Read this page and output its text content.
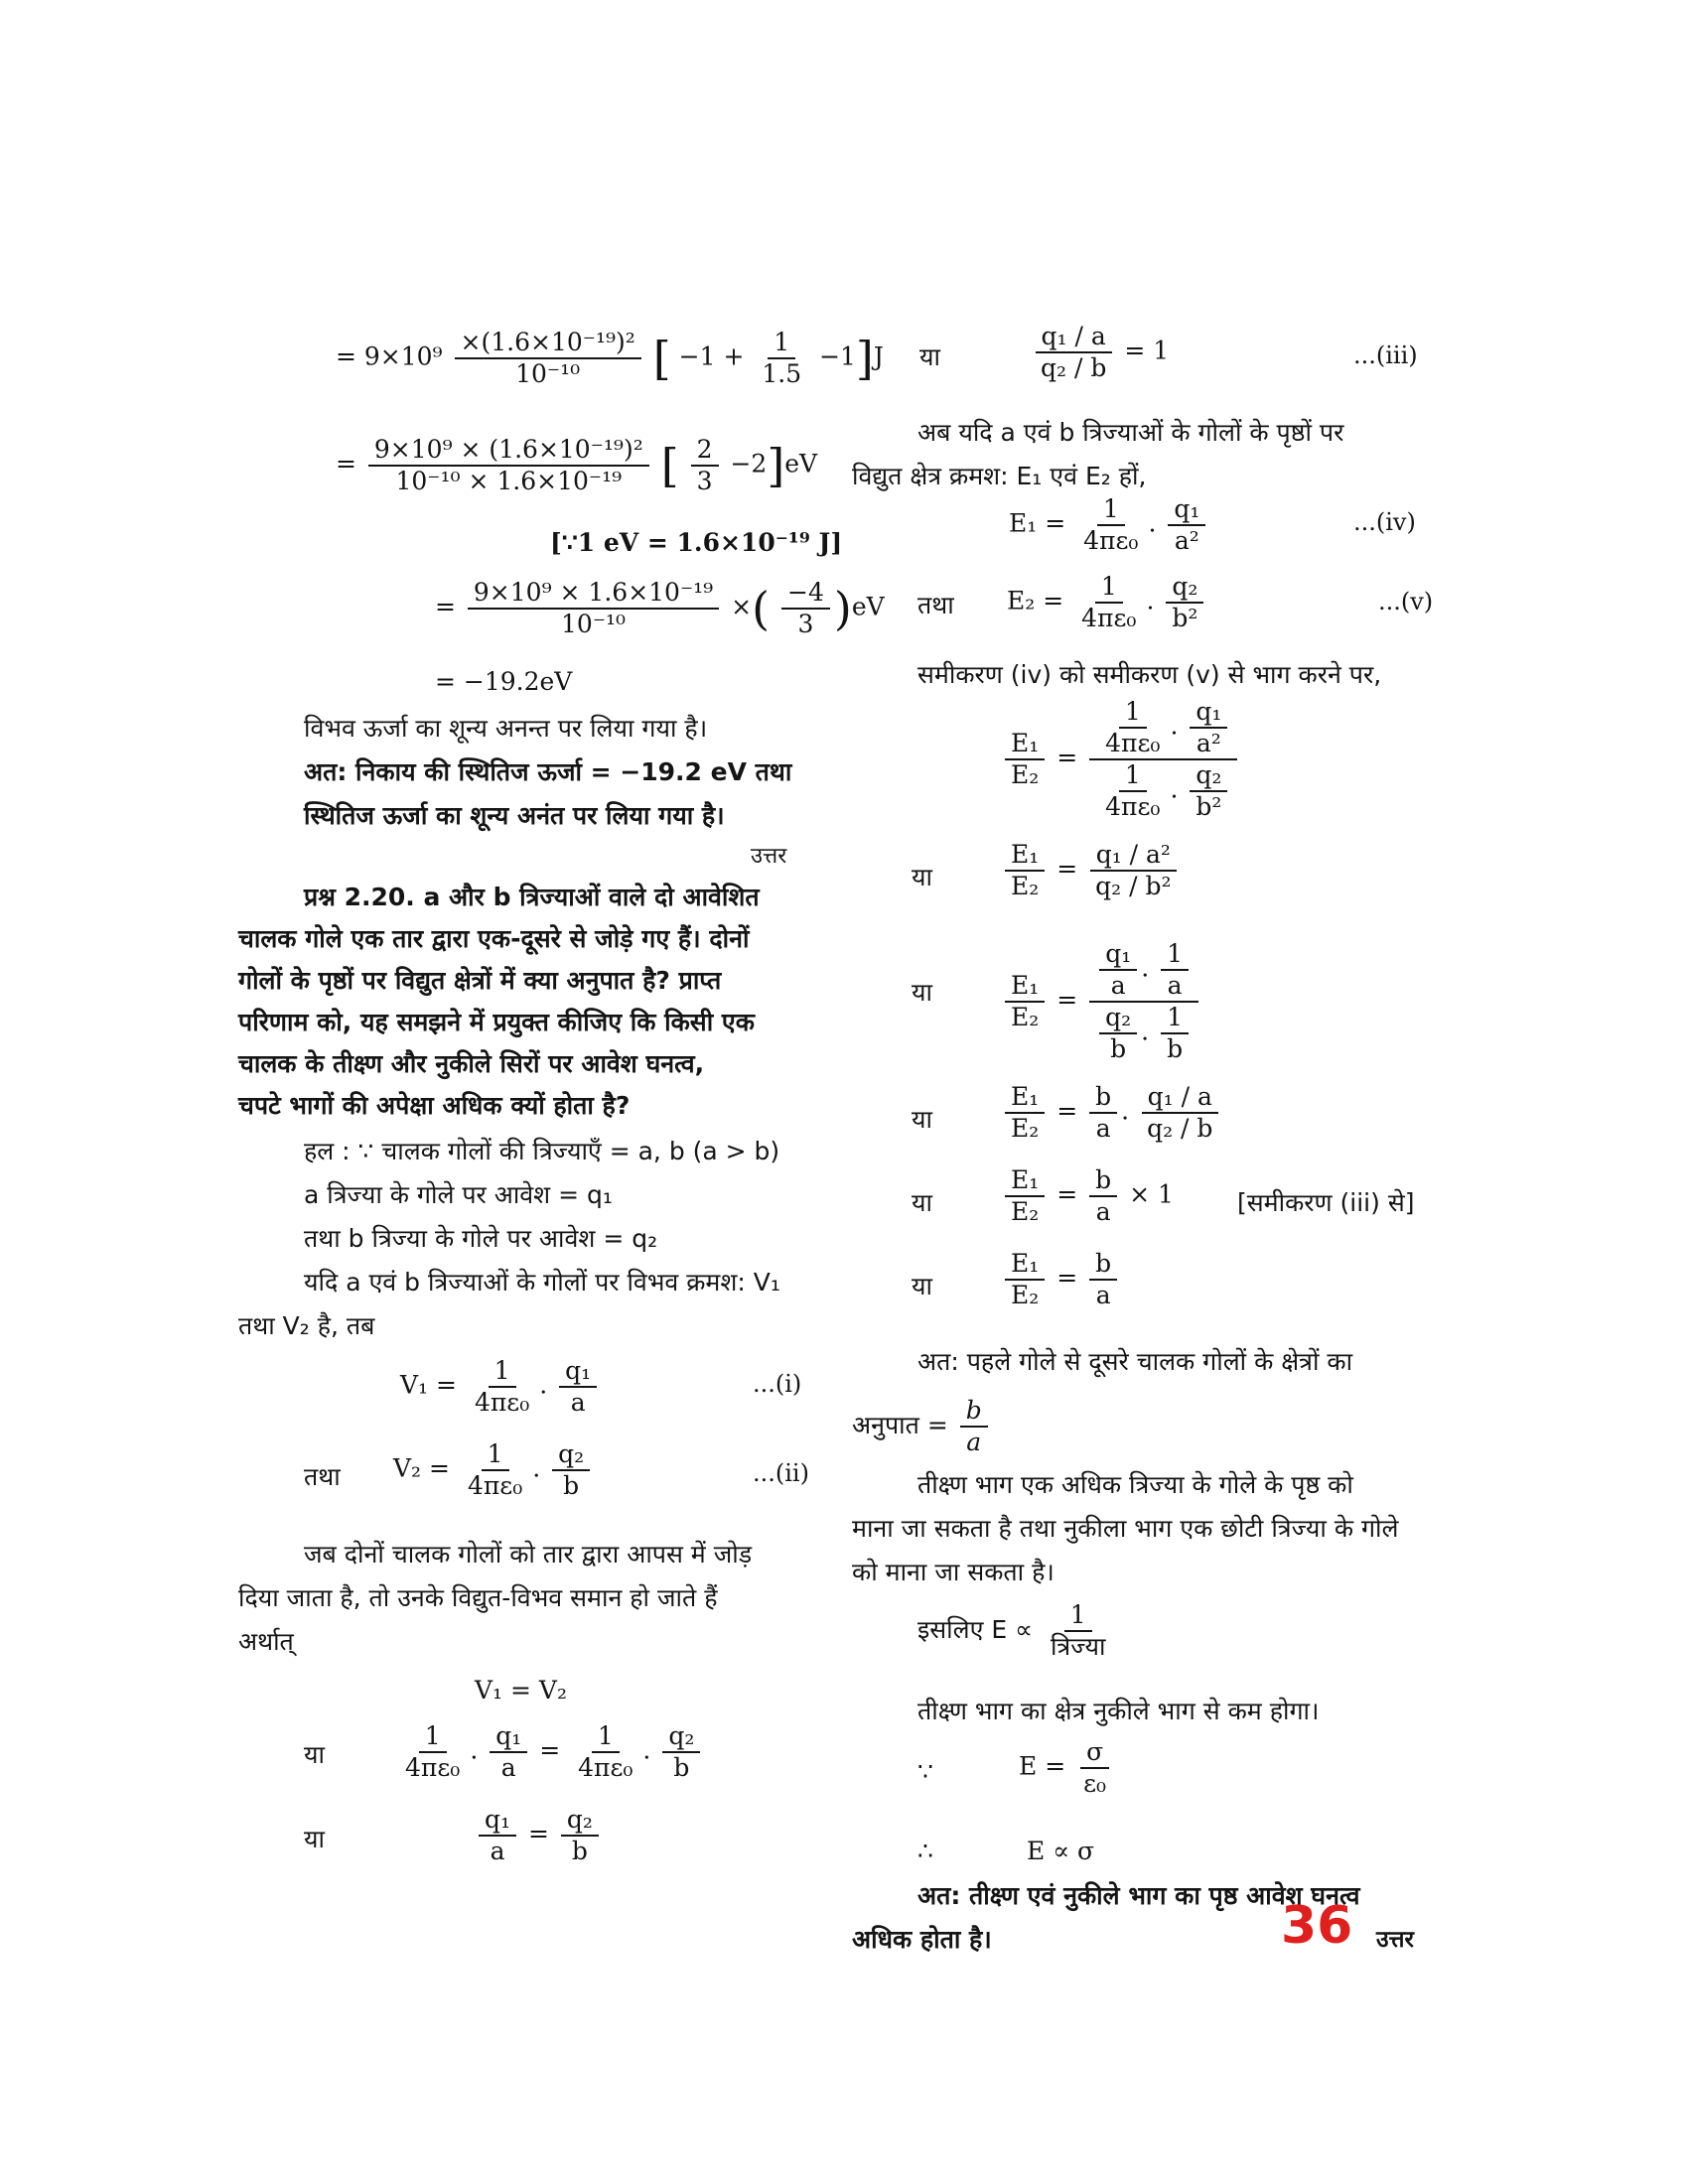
= $9\times 10^9 \frac{\text{×(1.6×10⁻¹⁹)²}}{\text{10⁻¹⁰}}$ [ $-1 + \frac{1}{1.5} -1]J$
= $\frac{\text{9×10⁹ × (1.6×10⁻¹⁹)²}}{\text{10⁻¹⁰ × 1.6×10⁻¹⁹}}$ [ $\frac{2}{3} -2]eV$
[∵1 eV = 1.6×10⁻¹⁹ J]
= $\frac{\text{9×10⁹ × 1.6×10⁻¹⁹}}{\text{10⁻¹⁰}}$ ×( $\frac{-4}{3} )eV$
= −19.2eV
विभव ऊर्जा का शून्य अनन्त पर लिया गया है।
अत: निकाय की स्थितिज ऊर्जा = −19.2 eV तथा
स्थितिज ऊर्जा का शून्य अनंत पर लिया गया है।
उत्तर
प्रश्न 2.20. a और b त्रिज्याओं वाले दो आवेशित
चालक गोले एक तार द्वारा एक-दूसरे से जोड़े गए हैं। दोनों
गोलों के पृष्ठों पर विद्युत क्षेत्रों में क्या अनुपात है? प्राप्त
परिणाम को, यह समझने में प्रयुक्त कीजिए कि किसी एक
चालक के तीक्ष्ण और नुकीले सिरों पर आवेश घनत्व,
चपटे भागों की अपेक्षा अधिक क्यों होता है?
हल : ∵ चालक गोलों की त्रिज्याएँ = a, b (a > b)
a त्रिज्या के गोले पर आवेश = q₁
तथा b त्रिज्या के गोले पर आवेश = q₂
यदि a एवं b त्रिज्याओं के गोलों पर विभव क्रमश: V₁
तथा V₂ है, तब
$V_1 = \frac{1}{\text{4πε₀}}$ . $\frac{\text{q₁}}{a}$	...(i)
तथा $V_2 = \frac{1}{\text{4πε₀}}$ . $\frac{\text{q₂}}{b}$	...(ii)
जब दोनों चालक गोलों को तार द्वारा आपस में जोड़
दिया जाता है, तो उनके विद्युत-विभव समान हो जाते हैं
अर्थात्
V₁ = V₂
या	$\frac{1}{\text{4πε₀}}$ . $\frac{\text{q₁}}{a} = \frac{1}{\text{4πε₀}}$ . $\frac{\text{q₂}}{b}$
या	$\frac{\text{q₁}}{a} = \frac{\text{q₂}}{b}$
या	$\frac{\text{q₁ / a}}{\text{q₂ / b}} = 1$	...(iii)
अब यदि a एवं b त्रिज्याओं के गोलों के पृष्ठों पर
विद्युत क्षेत्र क्रमश: E₁ एवं E₂ हों,
$E_1 = \frac{1}{\text{4πε₀}}$ . $\frac{\text{q₁}}{\text{a²}}$	...(iv)
तथा $E_2 = \frac{1}{\text{4πε₀}}$ . $\frac{\text{q₂}}{\text{b²}}$	...(v)
समीकरण (iv) को समीकरण (v) से भाग करने पर,
$\frac{\text{E₁}}{\text{E₂}} = \frac{\frac{1}{\text{4πε₀}} . \frac{\text{q₁}}{\text{a²}}}{\frac{1}{\text{4πε₀}} . \frac{\text{q₂}}{\text{b²}}}$
या	$\frac{\text{E₁}}{\text{E₂}} = \frac{\text{q₁ / a²}}{\text{q₂ / b²}}$
या	$\frac{\text{E₁}}{\text{E₂}} = \frac{\frac{\text{q₁}}{a} . \frac{1}{a}}{\frac{\text{q₂}}{b} . \frac{1}{b}}$
या	$\frac{\text{E₁}}{\text{E₂}} = \frac{b}{a}$ . $\frac{\text{q₁ / a}}{\text{q₂ / b}}$
या	$\frac{\text{E₁}}{\text{E₂}} = \frac{b}{a} \times 1$	[समीकरण (iii) से]
या	$\frac{\text{E₁}}{\text{E₂}} = \frac{b}{a}$
अत: पहले गोले से दूसरे चालक गोलों के क्षेत्रों का
अनुपात = $\frac{b}{a}$
तीक्ष्ण भाग एक अधिक त्रिज्या के गोले के पृष्ठ को
माना जा सकता है तथा नुकीला भाग एक छोटी त्रिज्या के गोले
को माना जा सकता है।
इसलिए $E \propto \frac{1}{\text{त्रिज्या}}$
तीक्ष्ण भाग का क्षेत्र नुकीले भाग से कम होगा।
∵	$E = \frac{\sigma}{\text{ε₀}}$
∴	E ∝ σ
अत: तीक्ष्ण एवं नुकीले भाग का पृष्ठ आवेश घनत्व
अधिक होता है।	उत्तर
36
